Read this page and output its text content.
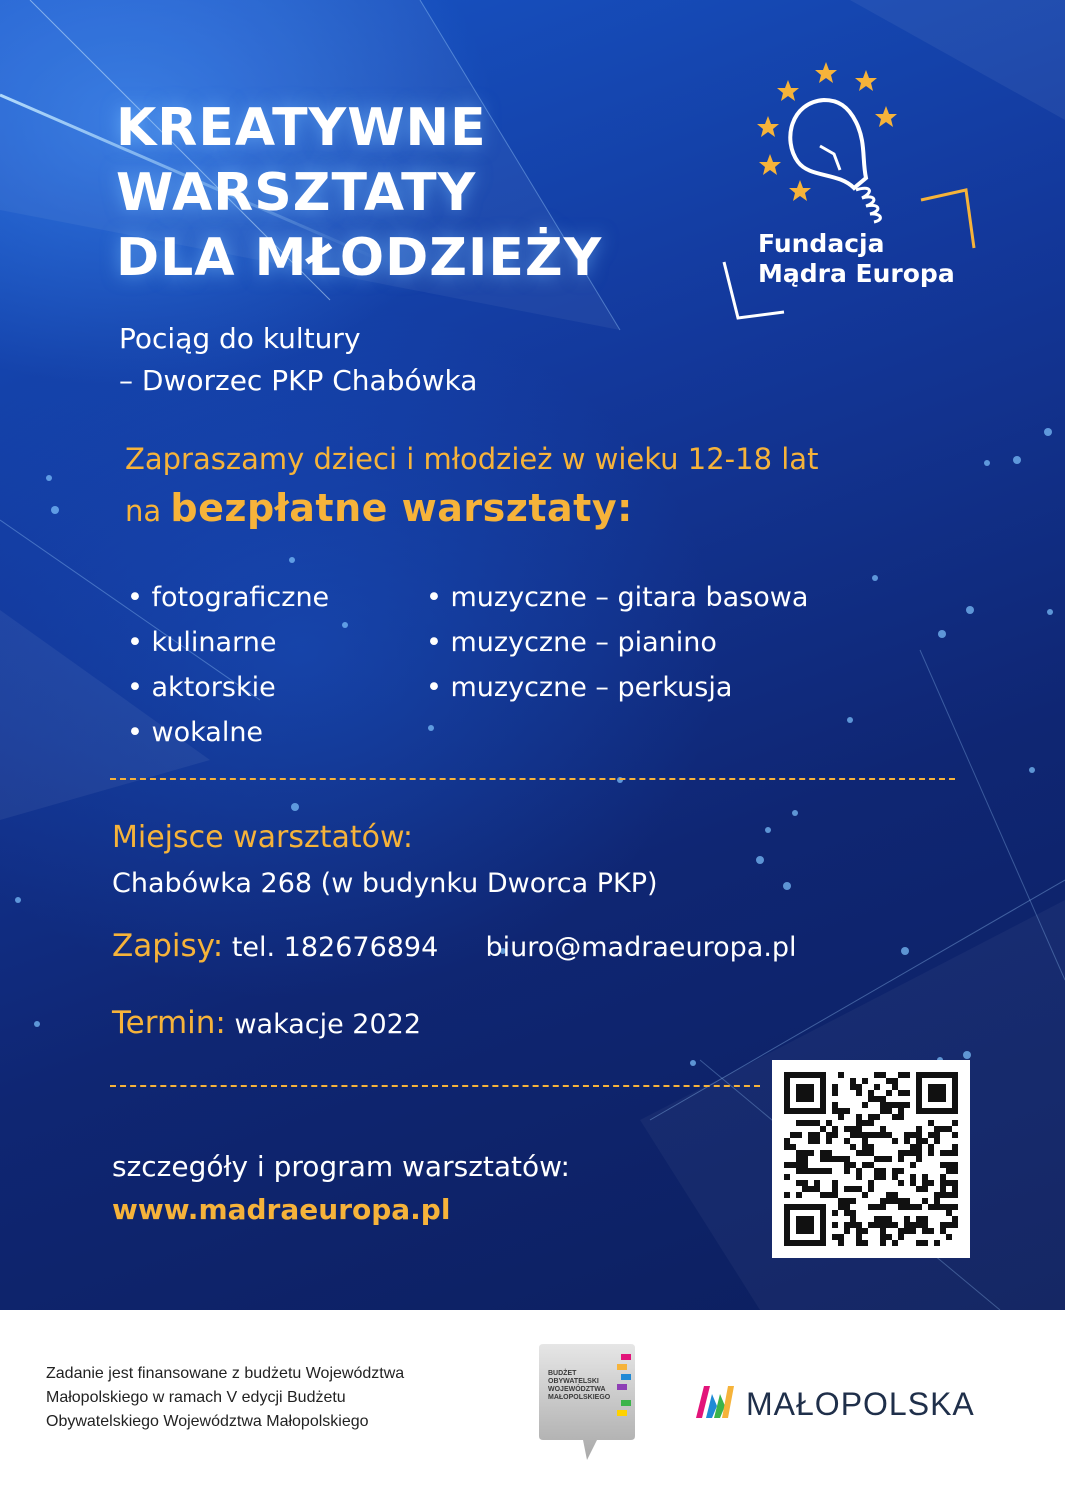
KREATYWNE
WARSZTATY
DLA MŁODZIEŻY
Pociąg do kultury
– Dworzec PKP Chabówka
Zapraszamy dzieci i młodzież w wieku 12-18 lat
na bezpłatne warsztaty:
• fotograficzne
• kulinarne
• aktorskie
• wokalne
• muzyczne – gitara basowa
• muzyczne – pianino
• muzyczne – perkusja
Miejsce warsztatów:
Chabówka 268 (w budynku Dworca PKP)
Zapisy: tel. 182676894 biuro@madraeuropa.pl
Termin: wakacje 2022
szczegóły i program warsztatów:
www.madraeuropa.pl
Fundacja
Mądra Europa
Zadanie jest finansowane z budżetu Województwa
Małopolskiego w ramach V edycji Budżetu
Obywatelskiego Województwa Małopolskiego
BUDŻET
OBYWATELSKI
WOJEWÓDZTWA
MAŁOPOLSKIEGO	MAŁOPOLSKA
